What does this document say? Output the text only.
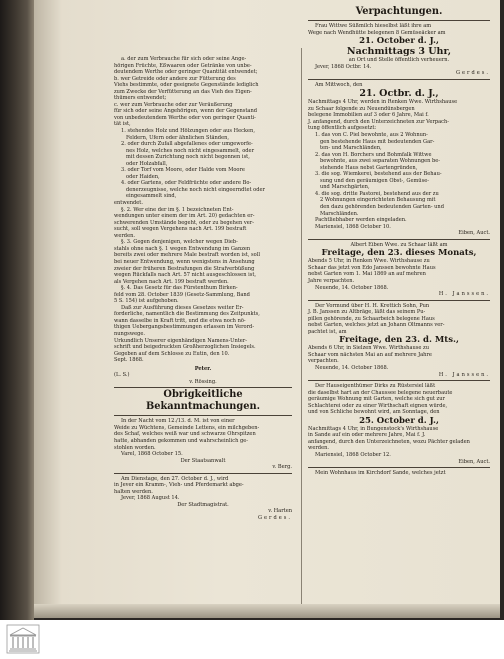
a. der zum Verbrauche für sich oder seine Ange-

hörigen Früchte, Eßwaaren oder Getränke von unbe-

deutendem Werthe oder geringer Quantität entwendet;

b. wer Getreide oder andere zur Fütterung des

Viehs bestimmte, oder geeignete Gegenstände lediglich

zum Zwecke der Verfütterung an das Vieh des Eigen-

thümers entwendet;

c. wer zum Verbrauche oder zur Veräußerung

für sich oder seine Angehörigen, wenn der Gegenstand

von unbedeutendem Werthe oder von geringer Quanti-

tät ist,

1. stehendes Holz und Hölzungen oder aus Hecken,

Feldern, Ufern oder ähnlichen Ständen,

2. oder durch Zufall abgefallenes oder umgeworfe-

nes Holz, welches noch nicht eingesammelt, oder

mit dessen Zurichtung noch nicht begonnen ist,

oder Holzabfall,

3. oder Torf vom Moore, oder Halde vom Moore

oder Haiden,

4. oder Gartens, oder Feldfrüchte oder andere Bo-

denerzeugnisse, welche noch nicht eingeerndtet oder

eingesammelt sind,

entwendet.

§. 2. Wer eine der im §. 1 bezeichneten Ent-

wendungen unter einem der im Art. 20) gedachten er-

schwerenden Umstände begeht, oder zu begehen ver-

sucht, soll wegen Vergehens nach Art. 199 bestraft

werden.

§. 3. Gegen denjenigen, welcher wegen Dieb-

stahls ohne nach §. 1 wegen Entwendung im Ganzen

bereits zwei oder mehrere Male bestraft worden ist, soll

bei neuer Entwendung, wenn wenigstens in Ansehung

zweier der früheren Bestrafungen die Strafverbüßung

wegen Rückfalls nach Art. 57 nicht ausgeschlossen ist,

als Vergehen nach Art. 199 bestraft werden.

§. 4. Das Gesetz für das Fürstenthum Birken-

feld vom 28. October 1839 (Gesetz-Sammlung, Band

5 S. 154) ist aufgehoben.

Daß zur Ausführung dieses Gesetzes weiter Er-

forderliche, namentlich die Bestimmung des Zeitpunkts,

wann dasselbe in Kraft tritt, und die etwa noch nö-

thigen Uebergangsbestimmungen erlassen im Verord-

nungswege.

Urkundlich Unserer eigenhändigen Namens-Unter-

schrift und beigedruckten Großherzoglichen Insiegels.

Gegeben auf dem Schlosse zu Eutin, den 10.

Sept. 1868.

Peter.

(L. S.)

v. Rössing.

Obrigkeitliche Bekanntmachungen.

In der Nacht vom 12./13. d. M. ist von einer

Weide zu Wüchtens, Gemeinde Lettens, ein milchgeben-

des Schaf, welches weiß war und schwarze Ohrspitzen

hatte, abhanden gekommen und wahrscheinlich ge-

stohlen worden.

Varel, 1868 October 15.

Der Staatsanwalt

v. Berg.

Am Dienstage, den 27. October d. J., wird

in Jever ein Kramm-, Vieh- und Pferdemarkt abge-

halten werden.

Jever, 1868 August 14.

Der Stadtmagistrat.

v. Harten

Gerdes.

Verpachtungen.

Frau Wittwe Süßmilch hieselbst läßt ihre am

Wege nach Wendhütte belegenen 8 Gemüseäcker am

21. October d. J.,

Nachmittags 3 Uhr,

an Ort und Stelle öffentlich verheuern.

Jever, 1868 Octbr. 14.

Gerdes.

Am Mittwoch, den

21. Octbr. d. J.,

Nachmittags 4 Uhr, werden in Renken Wwe. Wirthshause

zu Schaar folgende zu Neuendünsbergen

belegene Immobilien auf 3 oder 6 Jahre, Mai f.

J. anfangend, durch den Unterzeichneten zur Verpach-

tung öffentlich aufgesetzt:

1. das von C. Piel bewohnte, aus 2 Wohnun-

gen bestehende Haus mit bedeutenden Gar-

ten- und Marschländen,

2. das von H. Borchers und Bohmfalk Wittwe

bewohnte, aus zwei separaten Wohnungen be-

stehende Haus nebst Gartengründen,

3. die sog. Wiemkerei, bestehend aus der Behau-

sung und den geräumigen Obst-, Gemüse-

und Marschgärten,

4. die sog. dritte Pastorei, bestehend aus der zu

2 Wohnungen eingerichteten Behausung mit

den dazu gehörenden bedeutenden Garten- und

Marschländen.

Pachtliebhaber werden eingeladen.

Mariensiel, 1868 October 10.

Eiben, Auct.

Albert Eiben Wwe. zu Schaar läßt am

Freitage, den 23. dieses Monats,

Abends 5 Uhr, in Renken Wwe. Wirthshause zu

Schaar das jetzt von Edo Janssen bewohnte Haus

nebst Garten vom 1. Mai 1869 an auf mehren

Jahre verpachten.

Neuende, 14. October 1868.

H. Janssen.

Der Vormund über H. H. Krettich Sohn, Pun

J. B. Janssen zu Altbräge, läßt das seinem Pu-

pillen gehörende, zu Schaarbeich belegene Haus

nebst Garten, welches jetzt an Johann Oltmanns ver-

pachtet ist, am

Freitage, den 23. d. Mts.,

Abends 6 Uhr, in Sielzen Wwe. Wirthshause zu

Schaar vom nächsten Mai an auf mehrere Jahre

verpachten.

Neuende, 14. October 1868.

H. Janssen.

Der Hauseigenthümer Dirks zu Rüstersiel läßt

die daselbst hart an der Chaussee belegene neuerbaute

geräumige Wohnung mit Garten, welche sich gut zur

Schlachterei oder zu einer Wirthschaft eignen würde,

und von Schliche bewohnt wird, am Sonntage, den

25. October d. J.,

Nachmittags 4 Uhr, in Bungenstock's Wirthshause

in Sande auf ein oder mehrere Jahre, Mai f. J.

anfangend, durch den Unterzeichneten, wozu Pächter geladen

werden.

Mariensiel, 1868 October 12.

Eiben, Auct.

Mein Wohnhaus im Kirchdorf Sande, welches jetzt
